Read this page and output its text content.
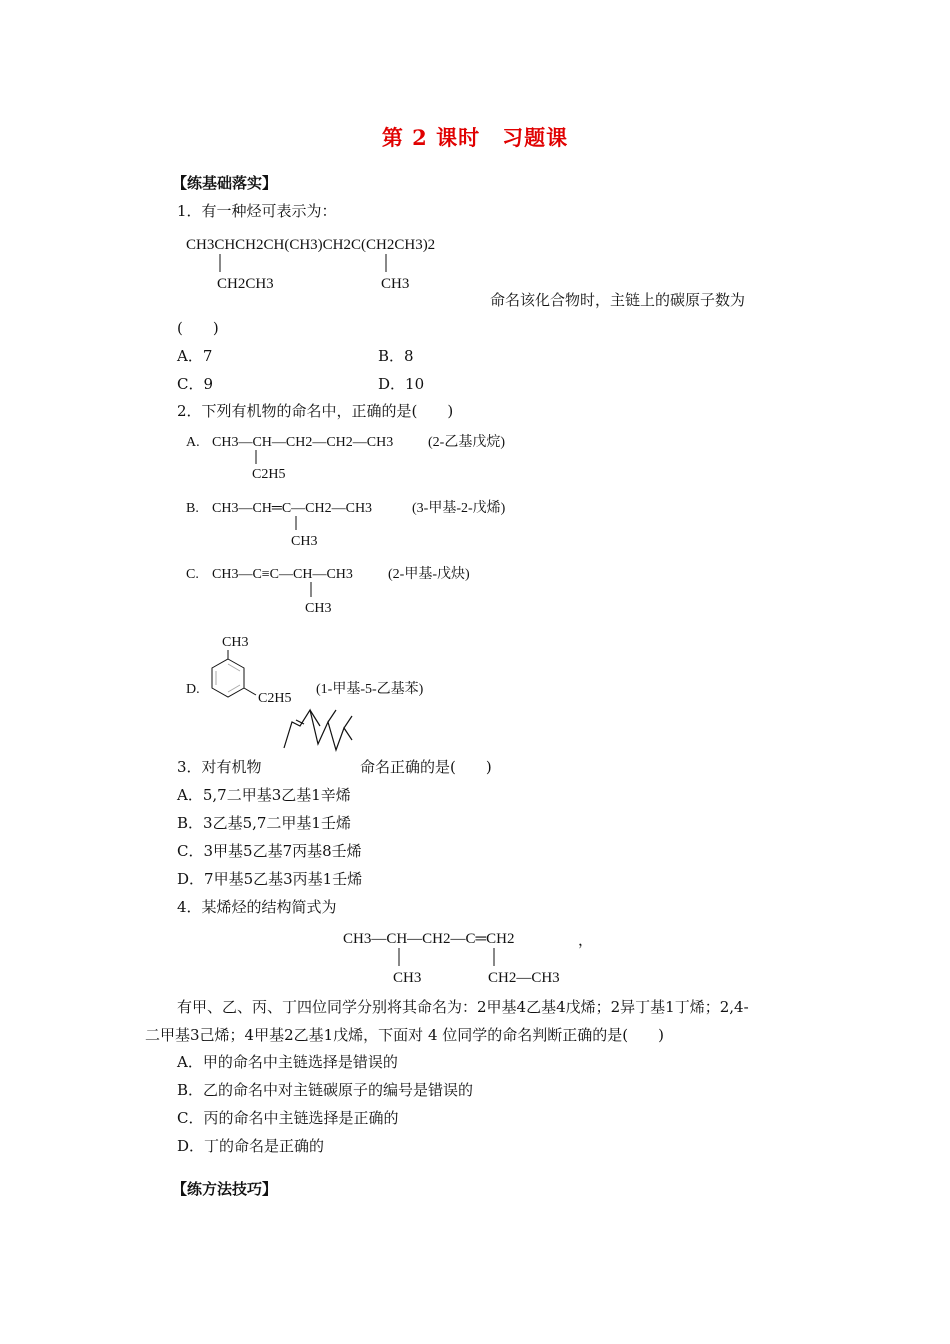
第 2 课时　习题课
【练基础落实】
1．有一种烃可表示为：
CH3CHCH2CH(CH3)CH2C(CH2CH3)2
CH2CH3	CH3
命名该化合物时，主链上的碳原子数为
(　　)
A．7	B．8
C．9	D．10
2．下列有机物的命名中，正确的是(　　)
A. CH3—CH—CH2—CH2—CH3
C2H5
(2-乙基戊烷)
B. CH3—CH═C—CH2—CH3
CH3
(3-甲基-2-戊烯)
C. CH3—C≡C—CH—CH3
CH3
(2-甲基-戊炔)
D.
CH3
C2H5
(1-甲基-5-乙基苯)
3．对有机物	命名正确的是(　　)
A．5,7二甲基3乙基1辛烯
B．3乙基5,7二甲基1壬烯
C．3甲基5乙基7丙基8壬烯
D．7甲基5乙基3丙基1壬烯
4．某烯烃的结构简式为
CH3—CH—CH2—C═CH2
CH3	CH2—CH3
，
有甲、乙、丙、丁四位同学分别将其命名为：2甲基4乙基4戊烯；2异丁基1丁烯；2,4-
二甲基3己烯；4甲基2乙基1戊烯，下面对 4 位同学的命名判断正确的是(　　)
A．甲的命名中主链选择是错误的
B．乙的命名中对主链碳原子的编号是错误的
C．丙的命名中主链选择是正确的
D．丁的命名是正确的
【练方法技巧】
